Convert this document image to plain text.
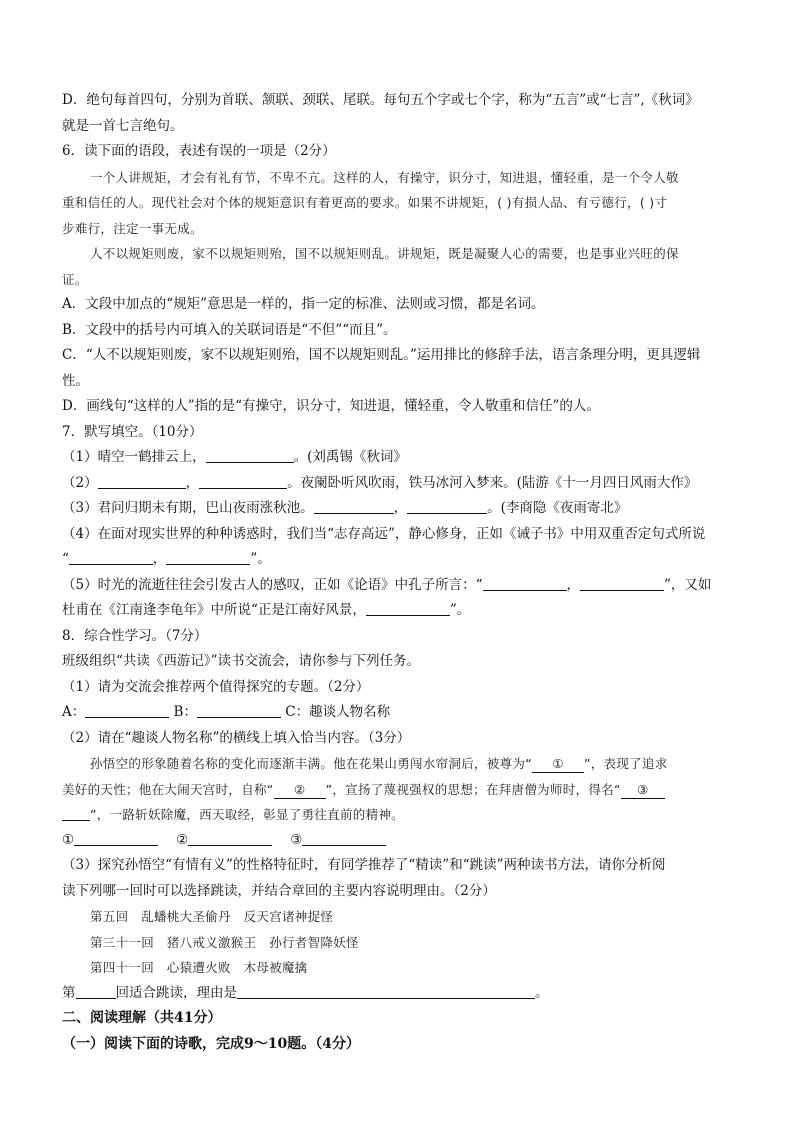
D．绝句每首四句，分别为首联、颔联、颈联、尾联。每句五个字或七个字，称为“五言”或“七言”,《秋词》
就是一首七言绝句。
6．读下面的语段，表述有误的一项是（2分）
一个人讲规矩，才会有礼有节，不卑不亢。这样的人，有操守，识分寸，知进退，懂轻重，是一个令人敬
重和信任的人。现代社会对个体的规矩意识有着更高的要求。如果不讲规矩，( )有损人品、有亏德行，( )寸
步难行，注定一事无成。
人不以规矩则废，家不以规矩则殆，国不以规矩则乱。讲规矩，既是凝聚人心的需要，也是事业兴旺的保
证。
A．文段中加点的“规矩”意思是一样的，指一定的标准、法则或习惯，都是名词。
B．文段中的括号内可填入的关联词语是“不但”“而且”。
C．“人不以规矩则废，家不以规矩则殆，国不以规矩则乱。”运用排比的修辞手法，语言条理分明，更具逻辑
性。
D．画线句“这样的人”指的是“有操守，识分寸，知进退，懂轻重，令人敬重和信任”的人。
7．默写填空。（10分）
（1）晴空一鹤排云上，	。(刘禹锡《秋词》
（2）	，	。夜阑卧听风吹雨，铁马冰河入梦来。(陆游《十一月四日风雨大作》
（3）君问归期未有期，巴山夜雨涨秋池。	，	。(李商隐《夜雨寄北》
（4）在面对现实世界的种种诱惑时，我们当“志存高远”，静心修身，正如《诫子书》中用双重否定句式所说
“	，	”。
（5）时光的流逝往往会引发古人的感叹，正如《论语》中孔子所言：“	，	”，又如
杜甫在《江南逢李龟年》中所说“正是江南好风景，	”。
8．综合性学习。（7分）
班级组织“共读《西游记》”读书交流会，请你参与下列任务。
（1）请为交流会推荐两个值得探究的专题。（2分）
A：	B：	C：趣谈人物名称
（2）请在“趣谈人物名称”的横线上填入恰当内容。（3分）
孙悟空的形象随着名称的变化而逐渐丰满。他在花果山勇闯水帘洞后，被尊为“ ① ”，表现了追求
美好的天性；他在大闹天宫时，自称“ ② ”，宣扬了蔑视强权的思想；在拜唐僧为师时，得名“ ③
”，一路斩妖除魔，西天取经，彰显了勇往直前的精神。
①	②	③
（3）探究孙悟空“有情有义”的性格特征时，有同学推荐了“精读”和“跳读”两种读书方法，请你分析阅
读下列哪一回时可以选择跳读，并结合章回的主要内容说明理由。（2分）
第五回　乱蟠桃大圣偷丹　反天宫诸神捉怪
第三十一回　猪八戒义激猴王　孙行者智降妖怪
第四十一回　心猿遭火败　木母被魔擒
第	回适合跳读，理由是	。
二、阅读理解（共41分）
（一）阅读下面的诗歌，完成9～10题。（4分）
